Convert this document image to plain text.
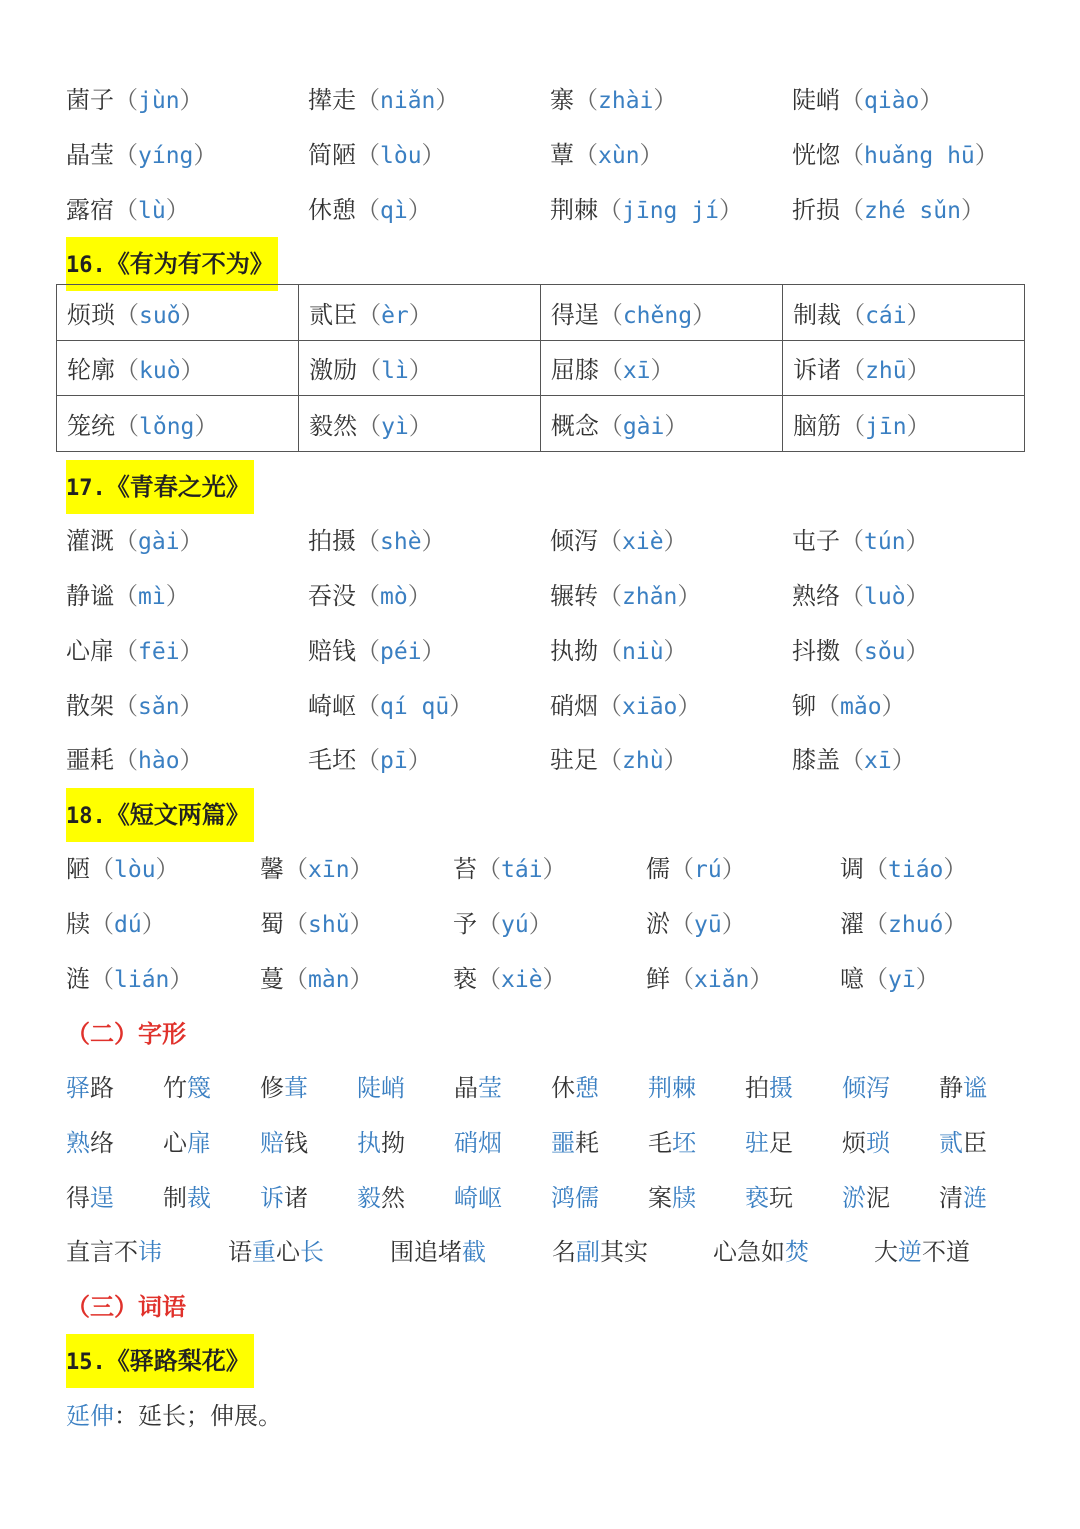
菌子（jùn）	撵走（niǎn）	寨（zhài）	陡峭（qiào）
晶莹（yíng）	简陋（lòu）	蕈（xùn）	恍惚（huǎng hū）
露宿（lù）	休憩（qì）	荆棘（jīng jí） 折损（zhé sǔn）
16.《有为有不为》
烦琐（suǒ）	贰臣（èr）	得逞（chěng）	制裁（cái）
轮廓（kuò）	激励（lì）	屈膝（xī）	诉诸（zhū）
笼统（lǒng）	毅然（yì）	概念（gài）	脑筋（jīn）
17.《青春之光》
灌溉（gài）	拍摄（shè）	倾泻（xiè）	屯子（tún）
静谧（mì）	吞没（mò）	辗转（zhǎn）	熟络（luò）
心扉（fēi）	赔钱（péi）	执拗（niù）	抖擞（sǒu）
散架（sǎn）	崎岖（qí qū）	硝烟（xiāo）	铆（mǎo）
噩耗（hào）	毛坯（pī）	驻足（zhù）	膝盖（xī）
18.《短文两篇》
陋（lòu）	馨（xīn）	苔（tái）	儒（rú）	调（tiáo）
牍（dú）	蜀（shǔ）	予（yú）	淤（yū）	濯（zhuó）
涟（lián）	蔓（màn）	亵（xiè）	鲜（xiǎn）	噫（yī）
（二）字形
驿路 竹篾 修葺 陡峭 晶莹 休憩 荆棘 拍摄 倾泻 静谧
熟络 心扉 赔钱 执拗 硝烟 噩耗 毛坯 驻足 烦琐 贰臣
得逞 制裁 诉诸 毅然 崎岖 鸿儒 案牍 亵玩 淤泥 清涟
直言不讳	语重心长	围追堵截	名副其实	心急如焚	大逆不道
（三）词语
15.《驿路梨花》
延伸：延长；伸展。
